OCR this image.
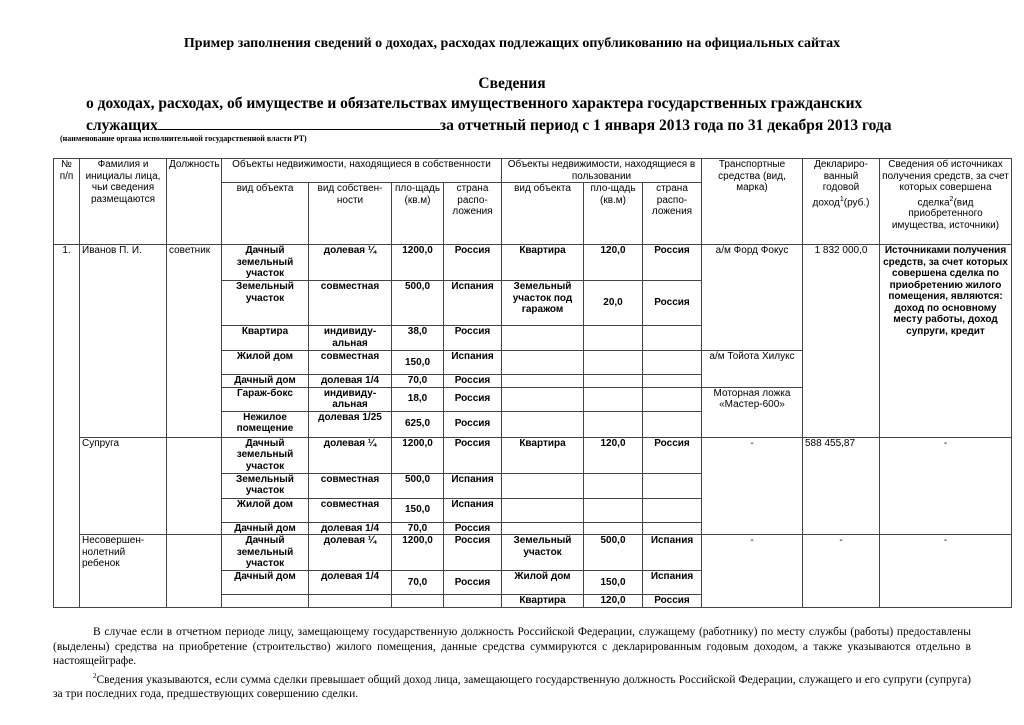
Пример заполнения сведений о доходах, расходах подлежащих опубликованию на официальных сайтах
Сведения
о доходах, расходах, об имуществе и обязательствах имущественного характера государственных гражданских
служащих	за отчетный период с 1 января 2013 года по 31 декабря 2013 года
(наименование органа исполнительной государственной власти РТ)
№ п/п	Фамилия и инициалы лица, чьи сведения размещаются	Должность	Объекты недвижимости, находящиеся в собственности				Объекты недвижимости, находящиеся в пользовании			Транспортные средства (вид, марка)	Деклариро-ванный годовой доход$^1$(руб.)	Сведения об источниках получения средств, за счет которых совершена сделка$^2$(вид приобретенного имущества, источники)
			вид объекта	вид собствен-ности	пло-щадь (кв.м)	страна распо-ложения	вид объекта	пло-щадь (кв.м)	страна распо-ложения			
1.	Иванов П. И.	советник	Дачный земельный участок	долевая ¼	1200,0	Россия	Квартира	120,0	Россия	а/м Форд Фокус	1 832 000,0	Источниками получения средств, за счет которых совершена сделка по приобретению жилого помещения, являются: доход по основному месту работы, доход супруги, кредит
			Земельный участок	совместная	500,0	Испания	Земельный участок под гаражом	20,0	Россия			
			Квартира	индивиду-альная	38,0	Россия						
			Жилой дом	совместная	150,0	Испания				а/м Тойота Хилукс		
			Дачный дом	долевая 1/4	70,0	Россия						
			Гараж-бокс	индивиду-альная	18,0	Россия				Моторная ложка «Мастер-600»		
			Нежилое помещение	долевая 1/25	625,0	Россия						
	Супруга		Дачный земельный участок	долевая ¼	1200,0	Россия	Квартира	120,0	Россия	-	588 455,87	-
			Земельный участок	совместная	500,0	Испания						
			Жилой дом	совместная	150,0	Испания						
			Дачный дом	долевая 1/4	70,0	Россия						
	Несовершен-нолетний ребенок		Дачный земельный участок	долевая ¼	1200,0	Россия	Земельный участок	500,0	Испания	-	-	-
			Дачный дом	долевая 1/4	70,0	Россия	Жилой дом	150,0	Испания			
							Квартира	120,0	Россия			

В случае если в отчетном периоде лицу, замещающему государственную должность Российской Федерации, служащему (работнику) по месту службы (работы) предоставлены (выделены) средства на приобретение (строительство) жилого помещения, данные средства суммируются с декларированным годовым доходом, а также указываются отдельно в настоящейграфе.

$^2$Сведения указываются, если сумма сделки превышает общий доход лица, замещающего государственную должность Российской Федерации, служащего и его супруги (супруга) за три последних года, предшествующих совершению сделки.
